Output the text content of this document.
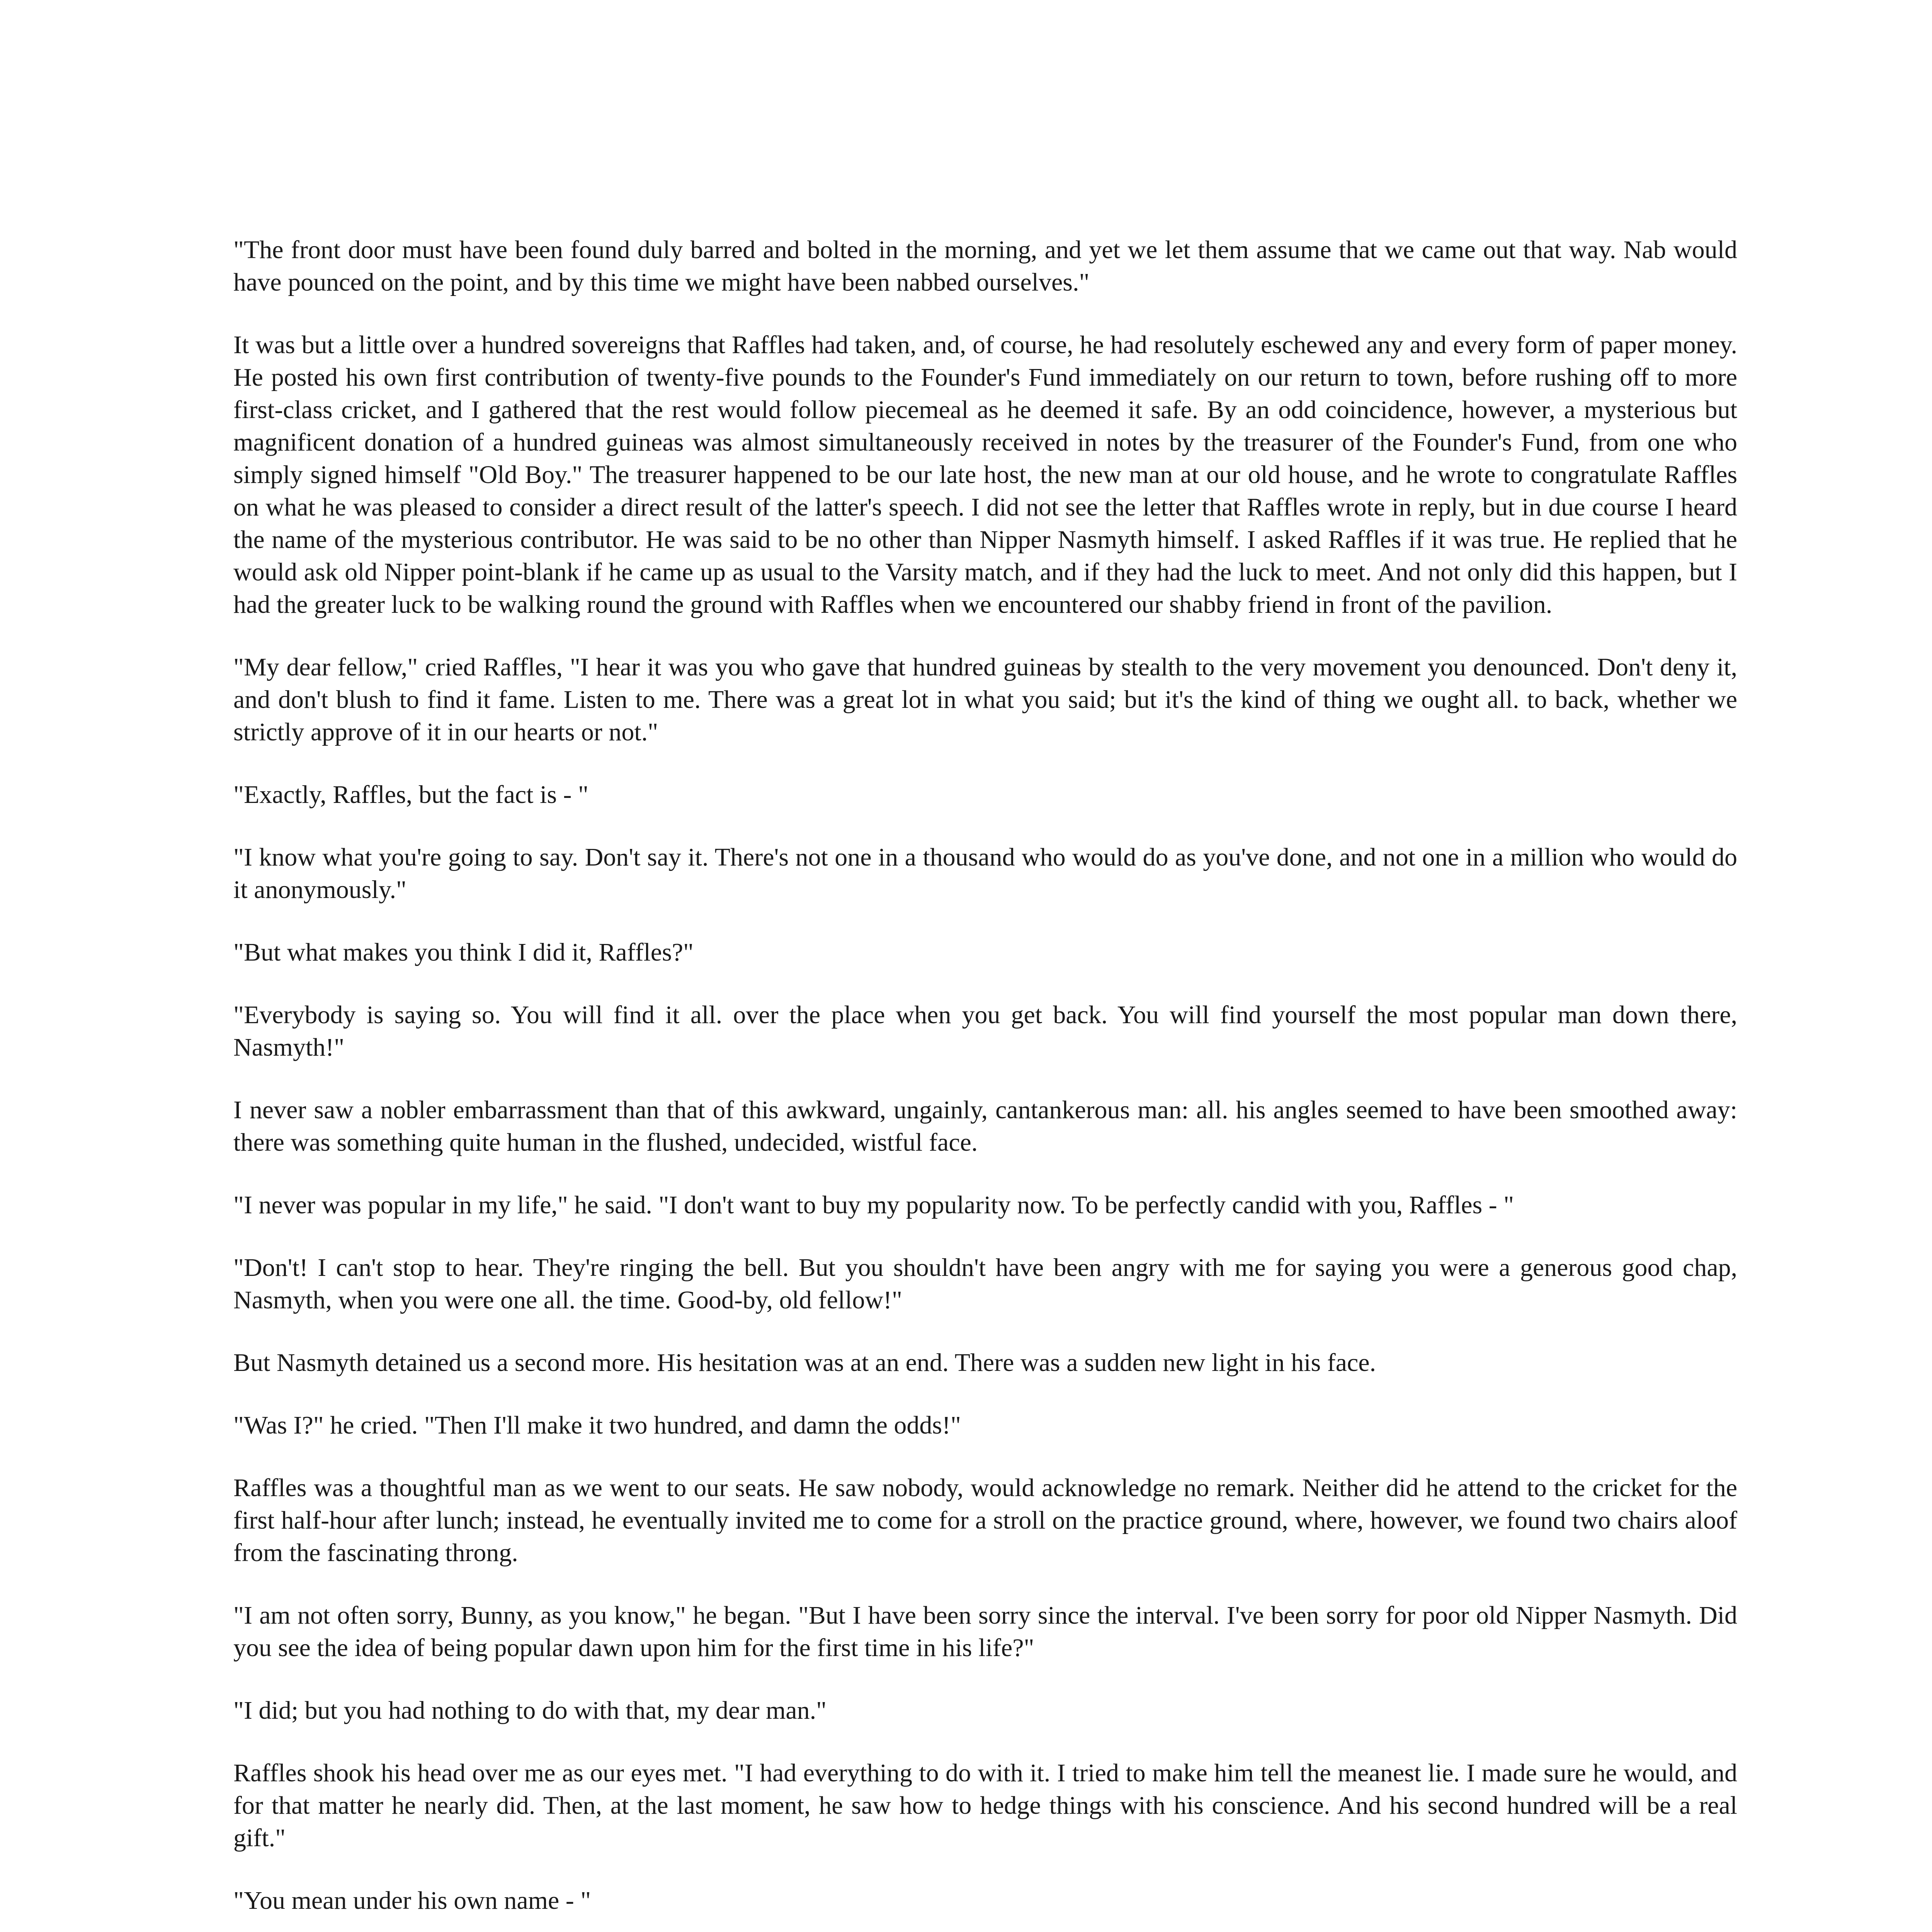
"The front door must have been found duly barred and bolted in the morning, and yet we let them assume that we came out that way. Nab would have pounced on the point, and by this time we might have been nabbed ourselves."

It was but a little over a hundred sovereigns that Raffles had taken, and, of course, he had resolutely eschewed any and every form of paper money. He posted his own first contribution of twenty-five pounds to the Founder's Fund immediately on our return to town, before rushing off to more first-class cricket, and I gathered that the rest would follow piecemeal as he deemed it safe. By an odd coincidence, however, a mysterious but magnificent donation of a hundred guineas was almost simultaneously received in notes by the treasurer of the Founder's Fund, from one who simply signed himself "Old Boy." The treasurer happened to be our late host, the new man at our old house, and he wrote to congratulate Raffles on what he was pleased to consider a direct result of the latter's speech. I did not see the letter that Raffles wrote in reply, but in due course I heard the name of the mysterious contributor. He was said to be no other than Nipper Nasmyth himself. I asked Raffles if it was true. He replied that he would ask old Nipper point-blank if he came up as usual to the Varsity match, and if they had the luck to meet. And not only did this happen, but I had the greater luck to be walking round the ground with Raffles when we encountered our shabby friend in front of the pavilion.

"My dear fellow," cried Raffles, "I hear it was you who gave that hundred guineas by stealth to the very movement you denounced. Don't deny it, and don't blush to find it fame. Listen to me. There was a great lot in what you said; but it's the kind of thing we ought all. to back, whether we strictly approve of it in our hearts or not."

"Exactly, Raffles, but the fact is - "

"I know what you're going to say. Don't say it. There's not one in a thousand who would do as you've done, and not one in a million who would do it anonymously."

"But what makes you think I did it, Raffles?"

"Everybody is saying so. You will find it all. over the place when you get back. You will find yourself the most popular man down there, Nasmyth!"

I never saw a nobler embarrassment than that of this awkward, ungainly, cantankerous man: all. his angles seemed to have been smoothed away: there was something quite human in the flushed, undecided, wistful face.

"I never was popular in my life," he said. "I don't want to buy my popularity now. To be perfectly candid with you, Raffles - "

"Don't! I can't stop to hear. They're ringing the bell. But you shouldn't have been angry with me for saying you were a generous good chap, Nasmyth, when you were one all. the time. Good-by, old fellow!"

But Nasmyth detained us a second more. His hesitation was at an end. There was a sudden new light in his face.

"Was I?" he cried. "Then I'll make it two hundred, and damn the odds!"

Raffles was a thoughtful man as we went to our seats. He saw nobody, would acknowledge no remark. Neither did he attend to the cricket for the first half-hour after lunch; instead, he eventually invited me to come for a stroll on the practice ground, where, however, we found two chairs aloof from the fascinating throng.

"I am not often sorry, Bunny, as you know," he began. "But I have been sorry since the interval. I've been sorry for poor old Nipper Nasmyth. Did you see the idea of being popular dawn upon him for the first time in his life?"

"I did; but you had nothing to do with that, my dear man."

Raffles shook his head over me as our eyes met. "I had everything to do with it. I tried to make him tell the meanest lie. I made sure he would, and for that matter he nearly did. Then, at the last moment, he saw how to hedge things with his conscience. And his second hundred will be a real gift."

"You mean under his own name - "
